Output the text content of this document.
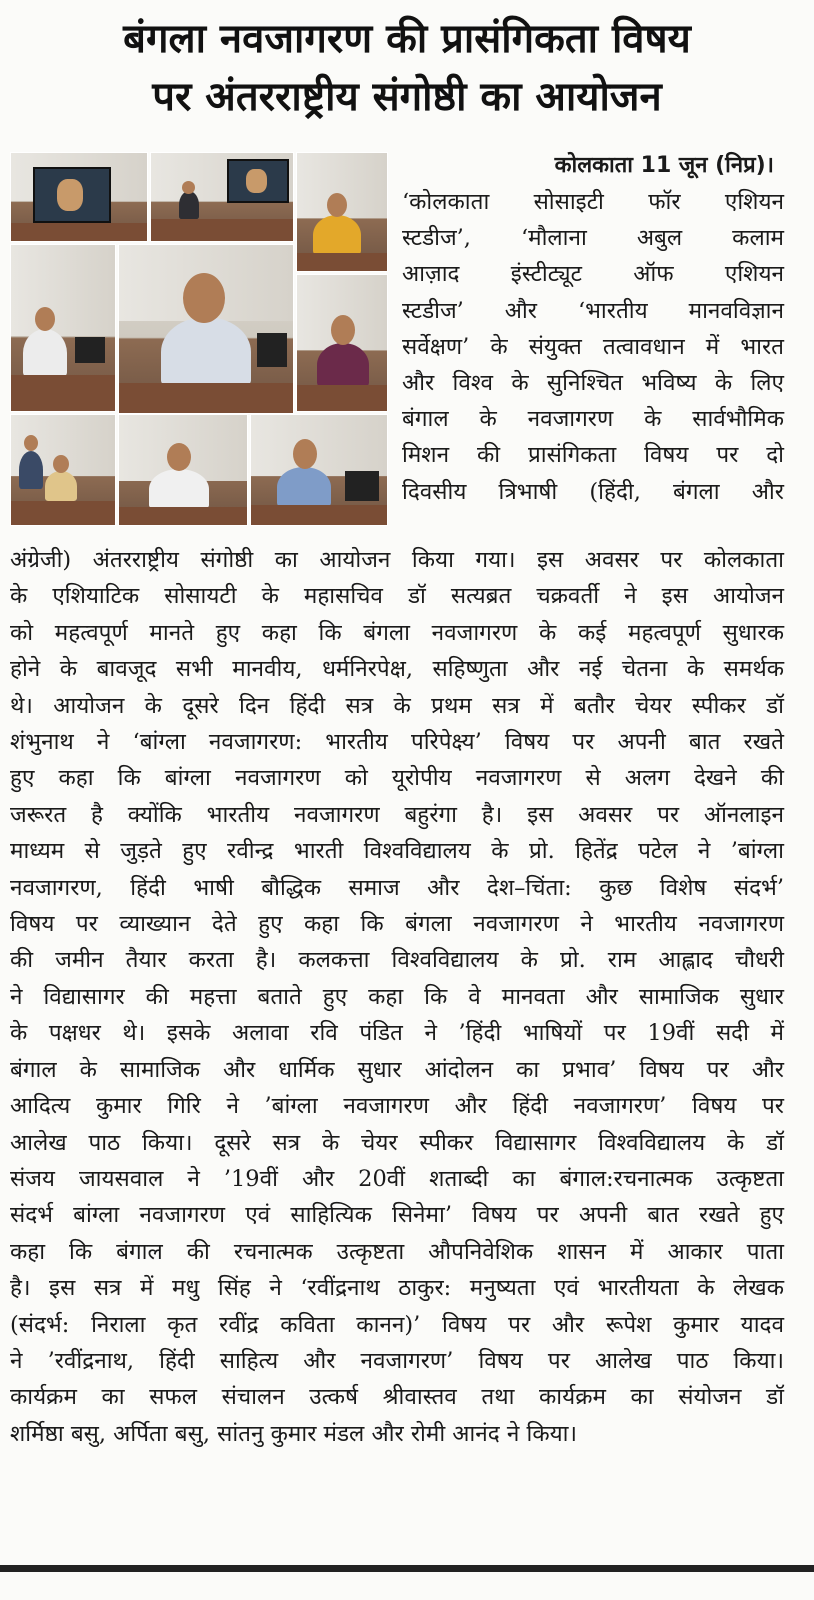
बंगला नवजागरण की प्रासंगिकता विषय
पर अंतरराष्ट्रीय संगोष्ठी का आयोजन
कोलकाता 11 जून (निप्र)।
‘कोलकाता सोसाइटी फॉर एशियन
स्टडीज’, ‘मौलाना अबुल कलाम
आज़ाद इंस्टीट्यूट ऑफ एशियन
स्टडीज’ और ‘भारतीय मानवविज्ञान
सर्वेक्षण’ के संयुक्त तत्वावधान में भारत
और विश्व के सुनिश्चित भविष्य के लिए
बंगाल के नवजागरण के सार्वभौमिक
मिशन की प्रासंगिकता विषय पर दो
दिवसीय त्रिभाषी (हिंदी, बंगला और
अंग्रेजी) अंतरराष्ट्रीय संगोष्ठी का आयोजन किया गया। इस अवसर पर कोलकाता
के एशियाटिक सोसायटी के महासचिव डॉ सत्यब्रत चक्रवर्ती ने इस आयोजन
को महत्वपूर्ण मानते हुए कहा कि बंगला नवजागरण के कई महत्वपूर्ण सुधारक
होने के बावजूद सभी मानवीय, धर्मनिरपेक्ष, सहिष्णुता और नई चेतना के समर्थक
थे। आयोजन के दूसरे दिन हिंदी सत्र के प्रथम सत्र में बतौर चेयर स्पीकर डॉ
शंभुनाथ ने ‘बांग्ला नवजागरण: भारतीय परिपेक्ष्य’ विषय पर अपनी बात रखते
हुए कहा कि बांग्ला नवजागरण को यूरोपीय नवजागरण से अलग देखने की
जरूरत है क्योंकि भारतीय नवजागरण बहुरंगा है। इस अवसर पर ऑनलाइन
माध्यम से जुड़ते हुए रवीन्द्र भारती विश्वविद्यालय के प्रो. हितेंद्र पटेल ने ’बांग्ला
नवजागरण, हिंदी भाषी बौद्धिक समाज और देश–चिंता: कुछ विशेष संदर्भ’
विषय पर व्याख्यान देते हुए कहा कि बंगला नवजागरण ने भारतीय नवजागरण
की जमीन तैयार करता है। कलकत्ता विश्वविद्यालय के प्रो. राम आह्लाद चौधरी
ने विद्यासागर की महत्ता बताते हुए कहा कि वे मानवता और सामाजिक सुधार
के पक्षधर थे। इसके अलावा रवि पंडित ने ’हिंदी भाषियों पर 19वीं सदी में
बंगाल के सामाजिक और धार्मिक सुधार आंदोलन का प्रभाव’ विषय पर और
आदित्य कुमार गिरि ने ’बांग्ला नवजागरण और हिंदी नवजागरण’ विषय पर
आलेख पाठ किया। दूसरे सत्र के चेयर स्पीकर विद्यासागर विश्वविद्यालय के डॉ
संजय जायसवाल ने ’19वीं और 20वीं शताब्दी का बंगाल:रचनात्मक उत्कृष्टता
संदर्भ बांग्ला नवजागरण एवं साहित्यिक सिनेमा’ विषय पर अपनी बात रखते हुए
कहा कि बंगाल की रचनात्मक उत्कृष्टता औपनिवेशिक शासन में आकार पाता
है। इस सत्र में मधु सिंह ने ‘रवींद्रनाथ ठाकुर: मनुष्यता एवं भारतीयता के लेखक
(संदर्भ: निराला कृत रवींद्र कविता कानन)’ विषय पर और रूपेश कुमार यादव
ने ’रवींद्रनाथ, हिंदी साहित्य और नवजागरण’ विषय पर आलेख पाठ किया।
कार्यक्रम का सफल संचालन उत्कर्ष श्रीवास्तव तथा कार्यक्रम का संयोजन डॉ
शर्मिष्ठा बसु, अर्पिता बसु, सांतनु कुमार मंडल और रोमी आनंद ने किया।
